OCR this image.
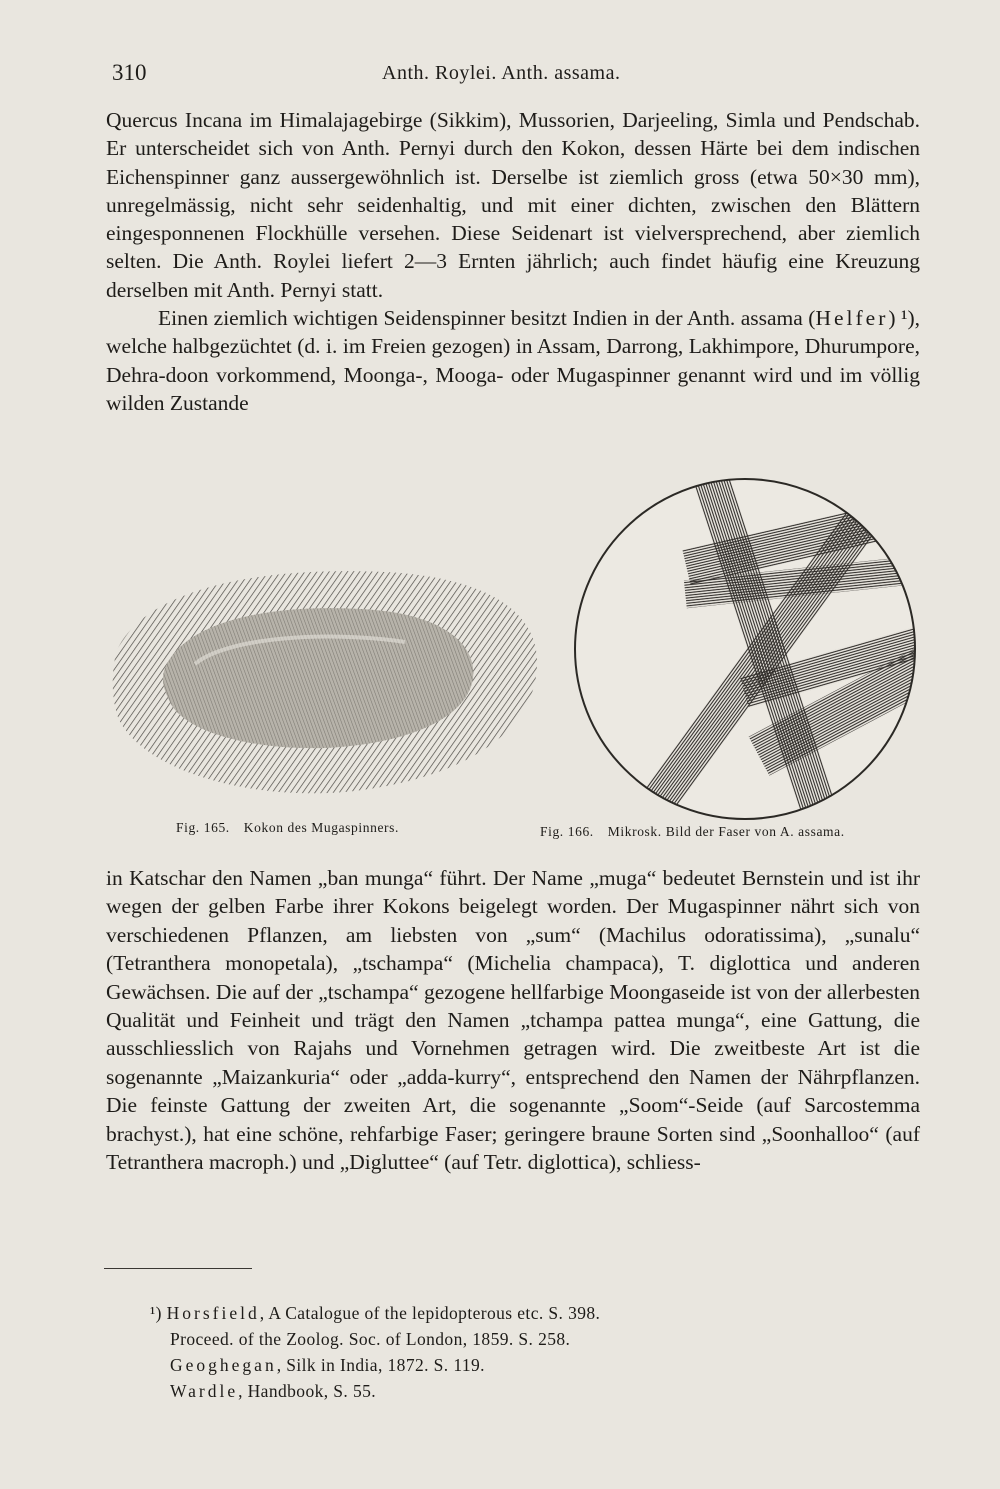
310	Anth. Roylei. Anth. assama.

Quercus Incana im Himalajagebirge (Sikkim), Mussorien, Darjeeling, Simla und Pendschab. Er unterscheidet sich von Anth. Pernyi durch den Kokon, dessen Härte bei dem indischen Eichenspinner ganz aussergewöhnlich ist. Derselbe ist ziemlich gross (etwa 50×30 mm), unregelmässig, nicht sehr seidenhaltig, und mit einer dichten, zwischen den Blättern eingesponnenen Flockhülle versehen. Diese Seidenart ist vielversprechend, aber ziemlich selten. Die Anth. Roylei liefert 2—3 Ernten jährlich; auch findet häufig eine Kreuzung derselben mit Anth. Pernyi statt.

Einen ziemlich wichtigen Seidenspinner besitzt Indien in der Anth. assama (Helfer) ¹), welche halbgezüchtet (d. i. im Freien gezogen) in Assam, Darrong, Lakhimpore, Dhurumpore, Dehra-doon vorkommend, Moonga-, Mooga- oder Mugaspinner genannt wird und im völlig wilden Zustande

Fig. 165. Kokon des Mugaspinners.	Fig. 166. Mikrosk. Bild der Faser von A. assama.

in Katschar den Namen „ban munga“ führt. Der Name „muga“ bedeutet Bernstein und ist ihr wegen der gelben Farbe ihrer Kokons beigelegt worden. Der Mugaspinner nährt sich von verschiedenen Pflanzen, am liebsten von „sum“ (Machilus odoratissima), „sunalu“ (Tetranthera monopetala), „tschampa“ (Michelia champaca), T. diglottica und anderen Gewächsen. Die auf der „tschampa“ gezogene hellfarbige Moongaseide ist von der allerbesten Qualität und Feinheit und trägt den Namen „tchampa pattea munga“, eine Gattung, die ausschliesslich von Rajahs und Vornehmen getragen wird. Die zweitbeste Art ist die sogenannte „Maizankuria“ oder „adda-kurry“, entsprechend den Namen der Nährpflanzen. Die feinste Gattung der zweiten Art, die sogenannte „Soom“-Seide (auf Sarcostemma brachyst.), hat eine schöne, rehfarbige Faser; geringere braune Sorten sind „Soonhalloo“ (auf Tetranthera macroph.) und „Digluttee“ (auf Tetr. diglottica), schliess-

¹) Horsfield, A Catalogue of the lepidopterous etc. S. 398.
Proceed. of the Zoolog. Soc. of London, 1859. S. 258.
Geoghegan, Silk in India, 1872. S. 119.
Wardle, Handbook, S. 55.
